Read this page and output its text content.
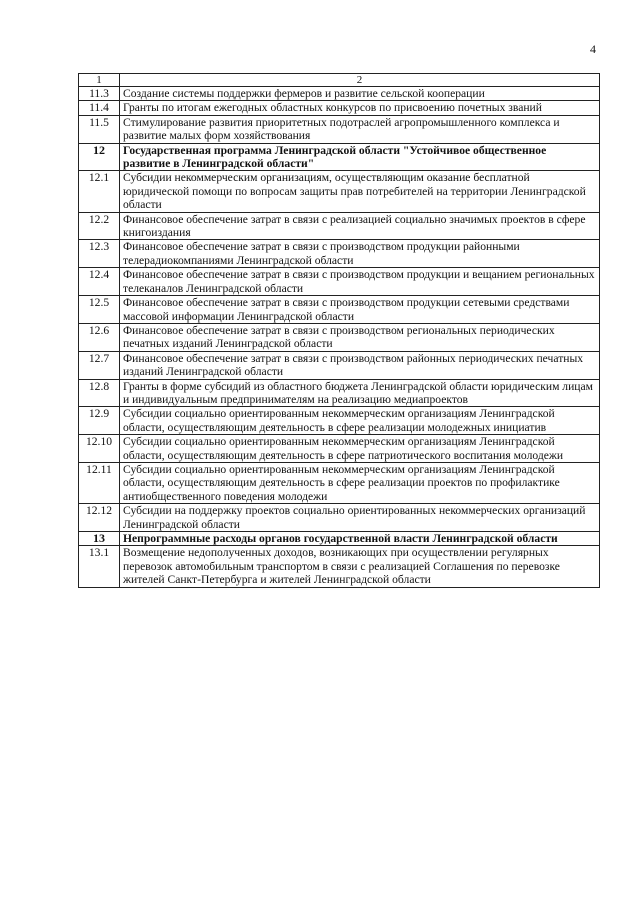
4
1	2
11.3	Создание системы поддержки фермеров и развитие сельской кооперации
11.4	Гранты по итогам ежегодных областных конкурсов по присвоению почетных званий
11.5	Стимулирование развития приоритетных подотраслей агропромышленного комплекса и развитие малых форм хозяйствования
12	Государственная программа Ленинградской области "Устойчивое общественное развитие в Ленинградской области"
12.1	Субсидии некоммерческим организациям, осуществляющим оказание бесплатной юридической помощи по вопросам защиты прав потребителей на территории Ленинградской области
12.2	Финансовое обеспечение затрат в связи с реализацией социально значимых проектов в сфере книгоиздания
12.3	Финансовое обеспечение затрат в связи с производством продукции районными телерадиокомпаниями Ленинградской области
12.4	Финансовое обеспечение затрат в связи с производством продукции и вещанием региональных телеканалов Ленинградской области
12.5	Финансовое обеспечение затрат в связи с производством продукции сетевыми средствами массовой информации Ленинградской области
12.6	Финансовое обеспечение затрат в связи с производством региональных периодических печатных изданий Ленинградской области
12.7	Финансовое обеспечение затрат в связи с производством районных периодических печатных изданий Ленинградской области
12.8	Гранты в форме субсидий из областного бюджета Ленинградской области юридическим лицам и индивидуальным предпринимателям на реализацию медиапроектов
12.9	Субсидии социально ориентированным некоммерческим организациям Ленинградской области, осуществляющим деятельность в сфере реализации молодежных инициатив
12.10	Субсидии социально ориентированным некоммерческим организациям Ленинградской области, осуществляющим деятельность в сфере патриотического воспитания молодежи
12.11	Субсидии социально ориентированным некоммерческим организациям Ленинградской области, осуществляющим деятельность в сфере реализации проектов по профилактике антиобщественного поведения молодежи
12.12	Субсидии на поддержку проектов социально ориентированных некоммерческих организаций Ленинградской области
13	Непрограммные расходы органов государственной власти Ленинградской области
13.1	Возмещение недополученных доходов, возникающих при осуществлении регулярных перевозок автомобильным транспортом в связи с реализацией Соглашения по перевозке жителей Санкт-Петербурга и жителей Ленинградской области
